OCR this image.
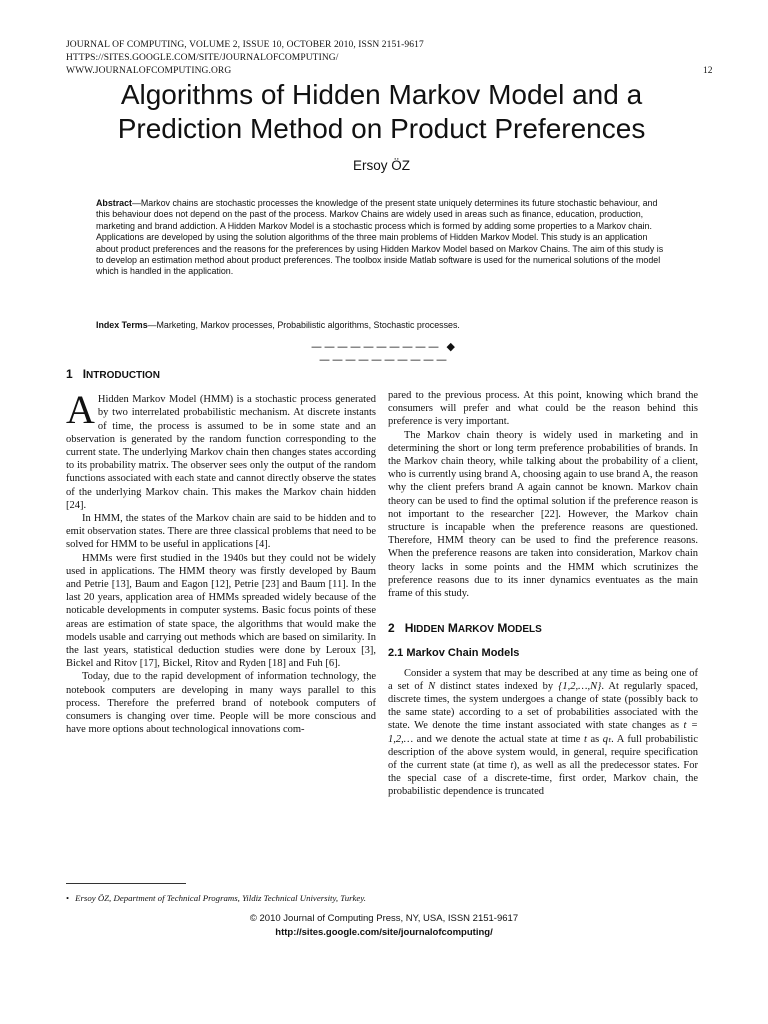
JOURNAL OF COMPUTING, VOLUME 2, ISSUE 10, OCTOBER 2010, ISSN 2151-9617
HTTPS://SITES.GOOGLE.COM/SITE/JOURNALOFCOMPUTING/
WWW.JOURNALOFCOMPUTING.ORG	12
Algorithms of Hidden Markov Model and a
Prediction Method on Product Preferences
Ersoy ÖZ

Abstract—Markov chains are stochastic processes the knowledge of the present state uniquely determines its future stochastic behaviour, and this behaviour does not depend on the past of the process. Markov Chains are widely used in areas such as finance, education, production, marketing and brand addiction. A Hidden Markov Model is a stochastic process which is formed by adding some properties to a Markov chain. Applications are developed by using the solution algorithms of the three main problems of Hidden Markov Model. This study is an application about product preferences and the reasons for the preferences by using Hidden Markov Model based on Markov Chains. The aim of this study is to develop an estimation method about product preferences. The toolbox inside Matlab software is used for the numerical solutions of the model which is handled in the application.

Index Terms—Marketing, Markov processes, Probabilistic algorithms, Stochastic processes.

—————————— ◆ ——————————
1 INTRODUCTION

A Hidden Markov Model (HMM) is a stochastic process generated by two interrelated probabilistic mechanism. At discrete instants of time, the process is assumed to be in some state and an observation is generated by the random function corresponding to the current state. The underlying Markov chain then changes states according to its probability matrix. The observer sees only the output of the random functions associated with each state and cannot directly observe the states of the underlying Markov chain. This makes the Markov chain hidden [24].

In HMM, the states of the Markov chain are said to be hidden and to emit observation states. There are three classical problems that need to be solved for HMM to be useful in applications [4].

HMMs were first studied in the 1940s but they could not be widely used in applications. The HMM theory was firstly developed by Baum and Petrie [13], Baum and Eagon [12], Petrie [23] and Baum [11]. In the last 20 years, application area of HMMs spreaded widely because of the noticable developments in computer systems. Basic focus points of these areas are estimation of state space, the algorithms that would make the models usable and carrying out methods which are based on similarity. In the last years, statistical deduction studies were done by Leroux [3], Bickel and Ritov [17], Bickel, Ritov and Ryden [18] and Fuh [6].

Today, due to the rapid development of information technology, the notebook computers are developing in many ways parallel to this process. Therefore the preferred brand of notebook computers of consumers is changing over time. People will be more conscious and have more options about technological innovations com-

pared to the previous process. At this point, knowing which brand the consumers will prefer and what could be the reason behind this preference is very important.

The Markov chain theory is widely used in marketing and in determining the short or long term preference probabilities of brands. In the Markov chain theory, while talking about the probability of a client, who is currently using brand A, choosing again to use brand A, the reason why the client prefers brand A again cannot be known. Markov chain theory can be used to find the optimal solution if the preference reason is not important to the researcher [22]. However, the Markov chain structure is incapable when the preference reasons are questioned. Therefore, HMM theory can be used to find the preference reasons. When the preference reasons are taken into consideration, Markov chain theory lacks in some points and the HMM which scrutinizes the preference reasons due to its inner dynamics eventuates as the main frame of this study.

2 HIDDEN MARKOV MODELS
2.1 Markov Chain Models

Consider a system that may be described at any time as being one of a set of N distinct states indexed by {1,2,…,N}. At regularly spaced, discrete times, the system undergoes a change of state (possibly back to the same state) according to a set of probabilities associated with the state. We denote the time instant associated with state changes as t = 1,2,… and we denote the actual state at time t as qₜ. A full probabilistic description of the above system would, in general, require specification of the current state (at time t), as well as all the predecessor states. For the special case of a discrete-time, first order, Markov chain, the probabilistic dependence is truncated

• Ersoy ÖZ, Department of Technical Programs, Yildiz Technical University, Turkey.
© 2010 Journal of Computing Press, NY, USA, ISSN 2151-9617
http://sites.google.com/site/journalofcomputing/
